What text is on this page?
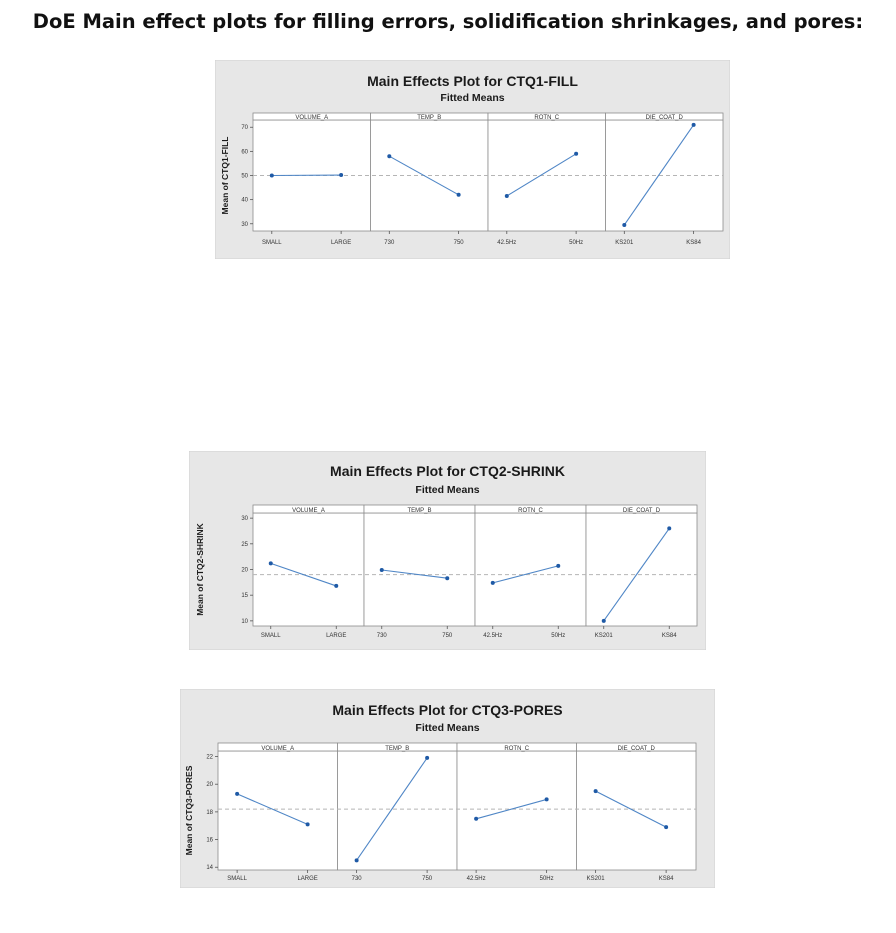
DoE Main effect plots for filling errors, solidification shrinkages, and pores:
Main Effects Plot for CTQ1-FILL
Fitted Means
Mean of CTQ1-FILL
VOLUME_A	TEMP_B	ROTN_C	DIE_COAT_D
30
40
50
60
70
SMALL	LARGE	730	750	42.5Hz	50Hz	KS201	KS84
Main Effects Plot for CTQ2-SHRINK
Fitted Means
Mean of CTQ2-SHRINK
VOLUME_A	TEMP_B	ROTN_C	DIE_COAT_D
10
15
20
25
30
SMALL	LARGE	730	750	42.5Hz	50Hz	KS201	KS84
Main Effects Plot for CTQ3-PORES
Fitted Means
Mean of CTQ3-PORES
VOLUME_A	TEMP_B	ROTN_C	DIE_COAT_D
14
16
18
20
22
SMALL	LARGE	730	750	42.5Hz	50Hz	KS201	KS84
